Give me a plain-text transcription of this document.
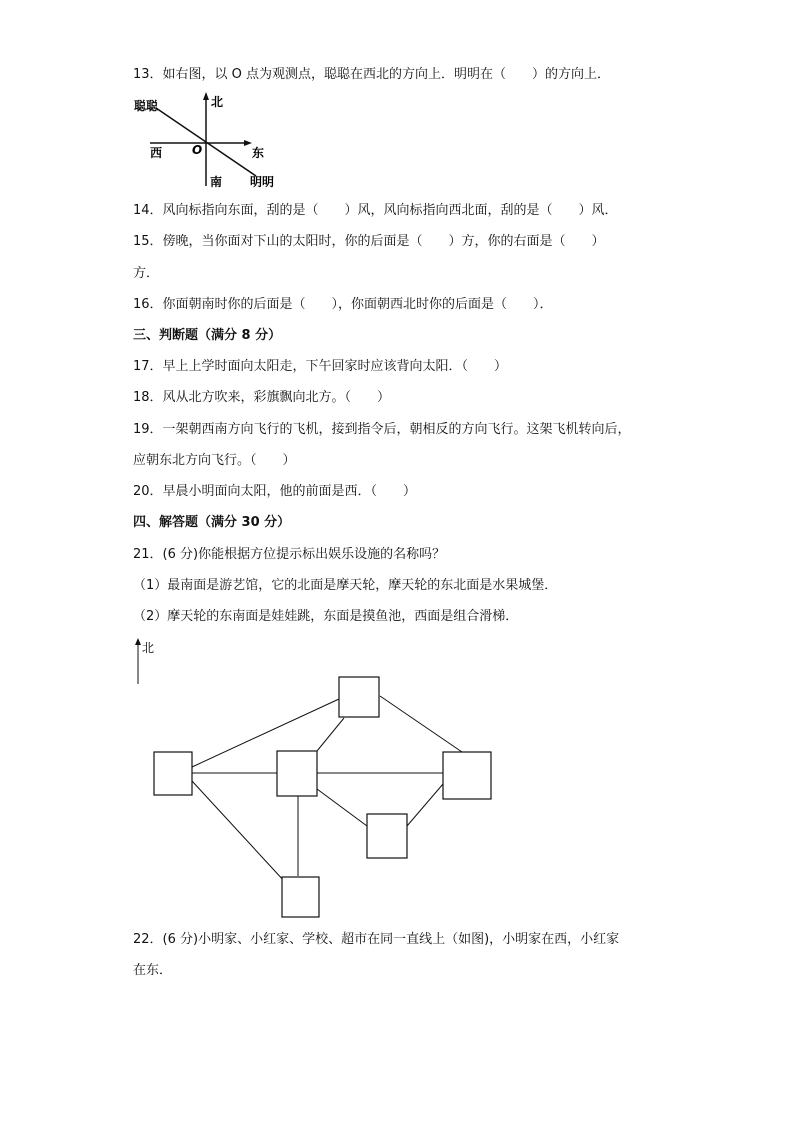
13．如右图，以 O 点为观测点，聪聪在西北的方向上．明明在（　　）的方向上．
北
聪聪
西 O	东
南 明明
14．风向标指向东面，刮的是（　　）风，风向标指向西北面，刮的是（　　）风．
15．傍晚，当你面对下山的太阳时，你的后面是（　　）方，你的右面是（　　）
方．
16．你面朝南时你的后面是（　　），你面朝西北时你的后面是（　　）．
三、判断题（满分 8 分）
17．早上上学时面向太阳走，下午回家时应该背向太阳．（　　）
18．风从北方吹来，彩旗飘向北方。（　　）
19．一架朝西南方向飞行的飞机，接到指令后，朝相反的方向飞行。这架飞机转向后，
应朝东北方向飞行。（　　）
20．早晨小明面向太阳，他的前面是西．（　　）
四、解答题（满分 30 分）
21．(6 分)你能根据方位提示标出娱乐设施的名称吗？
（1）最南面是游艺馆，它的北面是摩天轮，摩天轮的东北面是水果城堡．
（2）摩天轮的东南面是娃娃跳，东面是摸鱼池，西面是组合滑梯．
北
22．(6 分)小明家、小红家、学校、超市在同一直线上（如图)，小明家在西，小红家
在东．
